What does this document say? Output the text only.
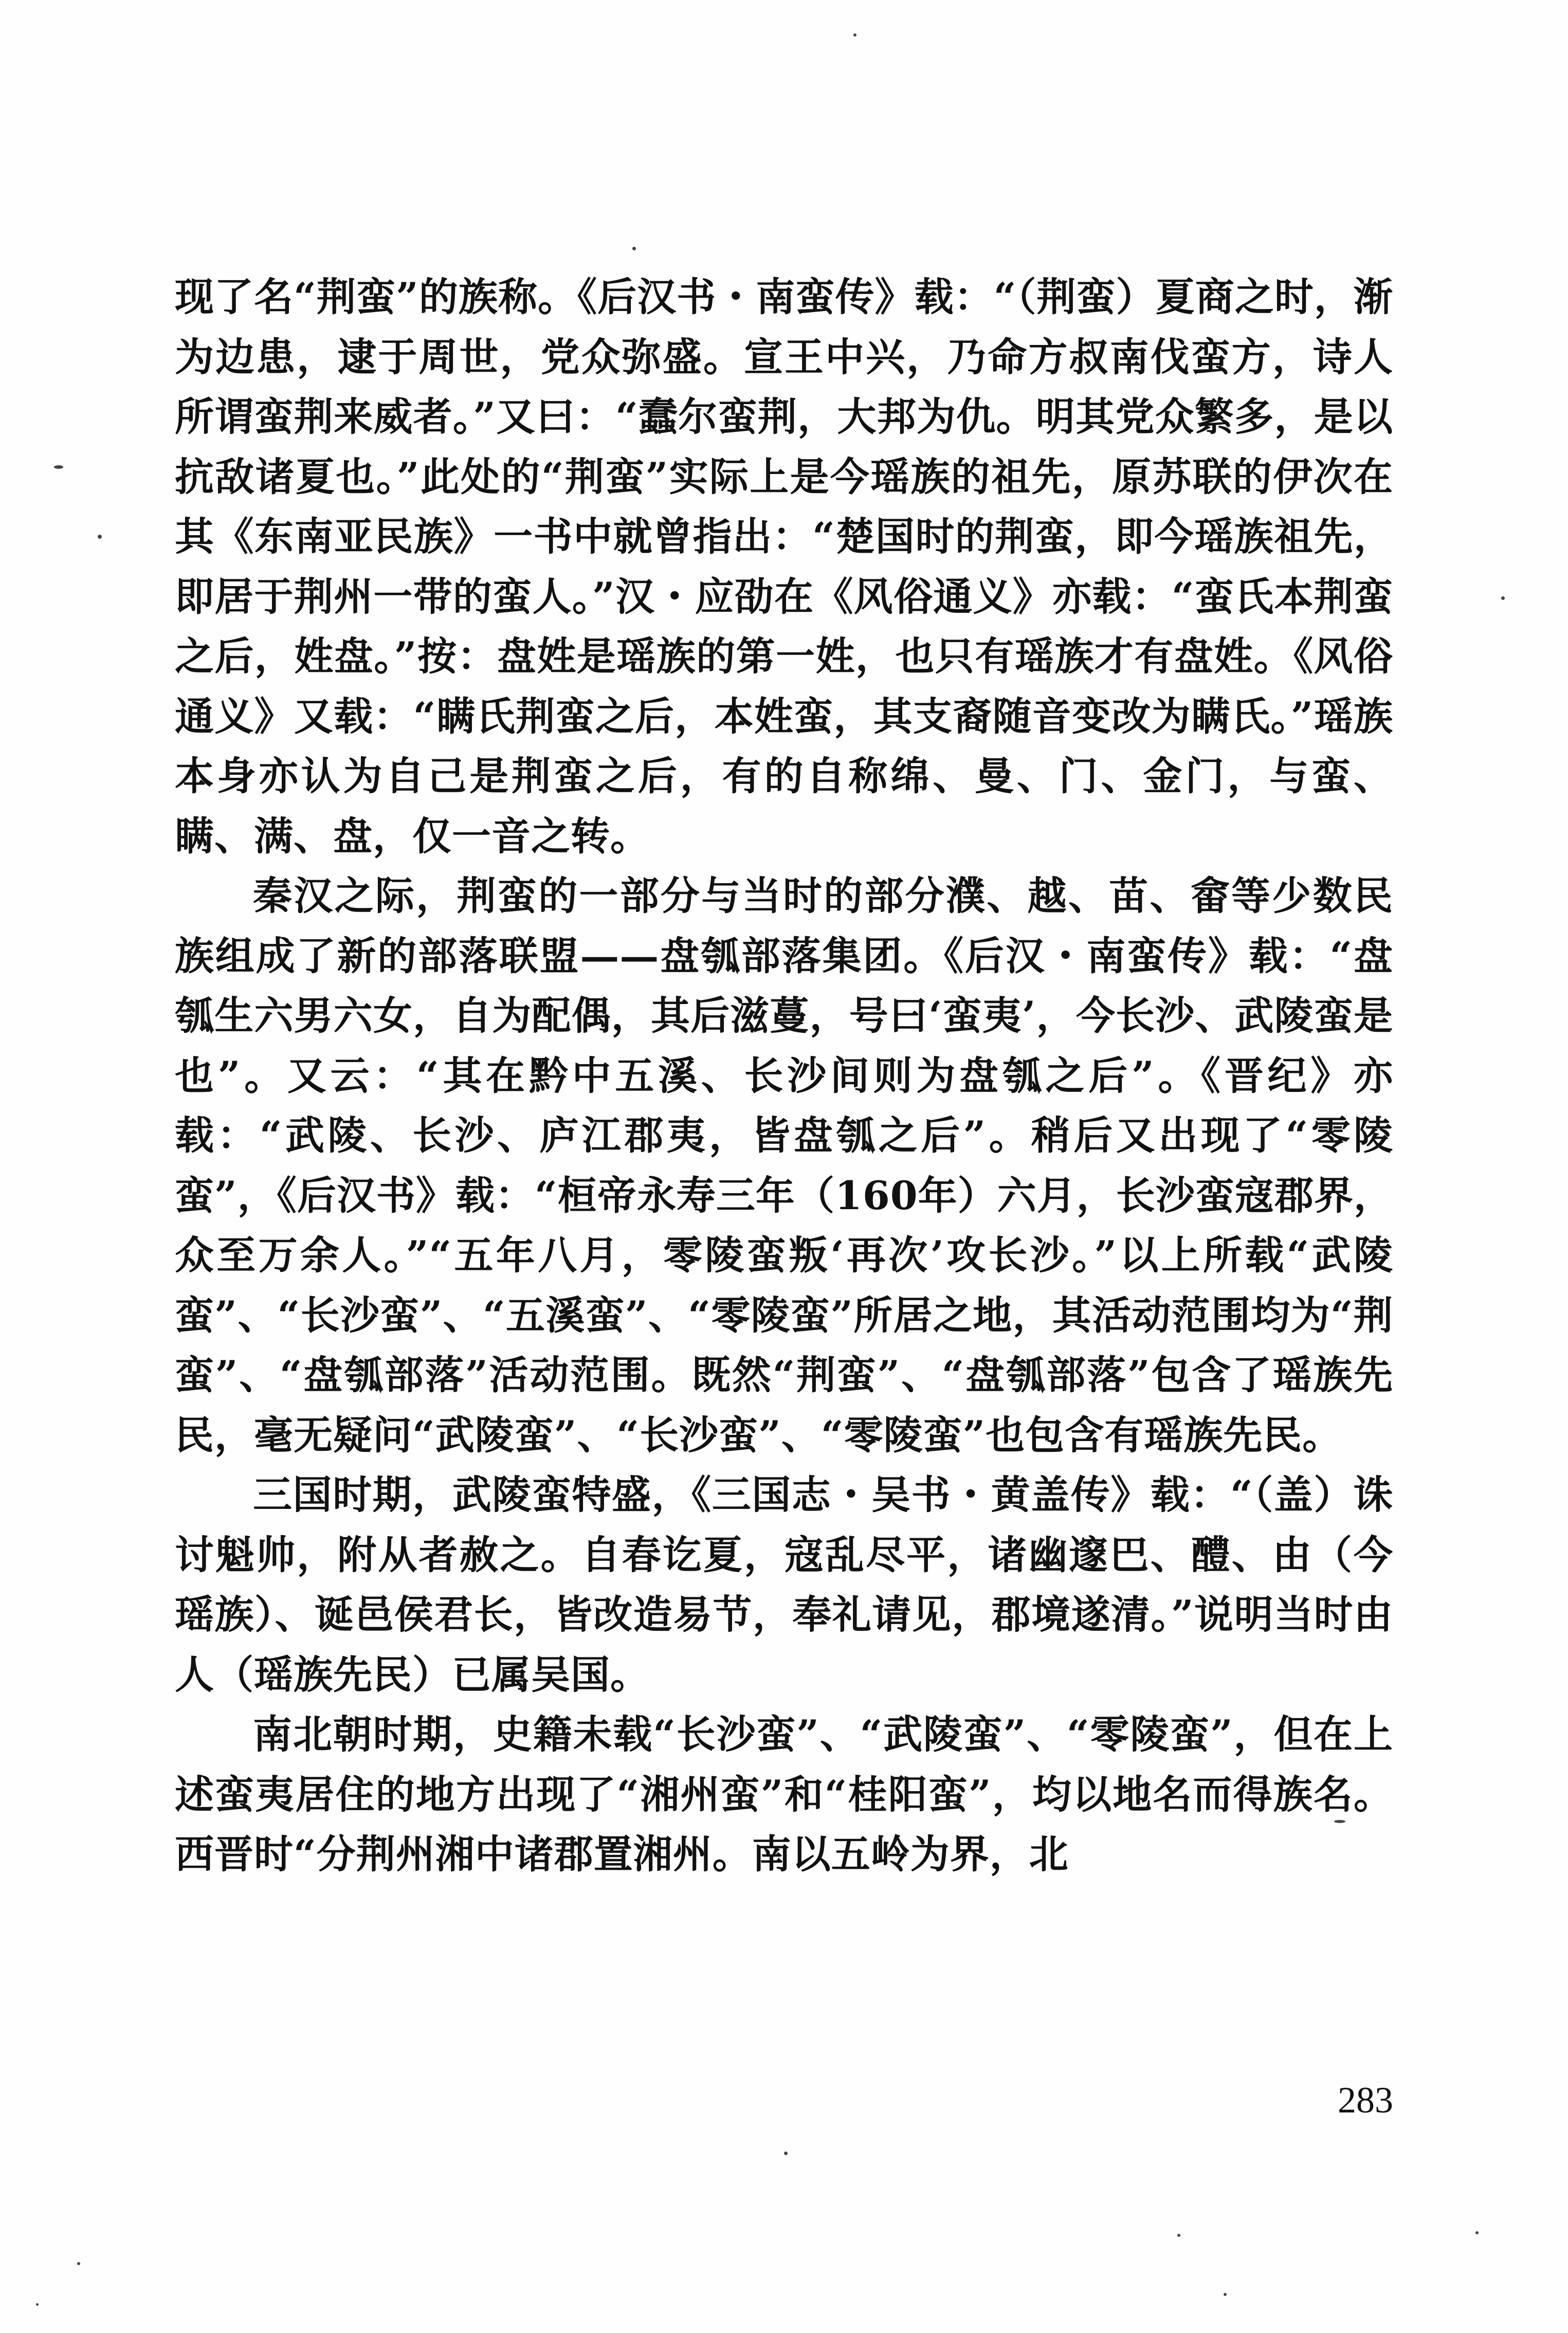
现了名“荆蛮”的族称。《后汉书・南蛮传》载：“（荆蛮）夏商之时，渐为边患，逮于周世，党众弥盛。宣王中兴，乃命方叔南伐蛮方，诗人所谓蛮荆来威者。”又曰：“蠢尔蛮荆，大邦为仇。明其党众繁多，是以抗敌诸夏也。”此处的“荆蛮”实际上是今瑶族的祖先，原苏联的伊次在其《东南亚民族》一书中就曾指出：“楚国时的荆蛮，即今瑶族祖先，即居于荆州一带的蛮人。”汉・应劭在《风俗通义》亦载：“蛮氏本荆蛮之后，姓盘。”按：盘姓是瑶族的第一姓，也只有瑶族才有盘姓。《风俗通义》又载：“瞒氏荆蛮之后，本姓蛮，其支裔随音变改为瞒氏。”瑶族本身亦认为自己是荆蛮之后，有的自称绵、曼、门、金门，与蛮、瞒、满、盘，仅一音之转。

秦汉之际，荆蛮的一部分与当时的部分濮、越、苗、畲等少数民族组成了新的部落联盟——盘瓠部落集团。《后汉・南蛮传》载：“盘瓠生六男六女，自为配偶，其后滋蔓，号曰‘蛮夷’，今长沙、武陵蛮是也”。又云：“其在黔中五溪、长沙间则为盘瓠之后”。《晋纪》亦载：“武陵、长沙、庐江郡夷，皆盘瓠之后”。稍后又出现了“零陵蛮”，《后汉书》载：“桓帝永寿三年（160年）六月，长沙蛮寇郡界，众至万余人。”“五年八月，零陵蛮叛‘再次’攻长沙。”以上所载“武陵蛮”、“长沙蛮”、“五溪蛮”、“零陵蛮”所居之地，其活动范围均为“荆蛮”、“盘瓠部落”活动范围。既然“荆蛮”、“盘瓠部落”包含了瑶族先民，毫无疑问“武陵蛮”、“长沙蛮”、“零陵蛮”也包含有瑶族先民。

三国时期，武陵蛮特盛，《三国志・吴书・黄盖传》载：“（盖）诛讨魁帅，附从者赦之。自春讫夏，寇乱尽平，诸幽邃巴、醴、由（今瑶族）、诞邑侯君长，皆改造易节，奉礼请见，郡境遂清。”说明当时由人（瑶族先民）已属吴国。

南北朝时期，史籍未载“长沙蛮”、“武陵蛮”、“零陵蛮”，但在上述蛮夷居住的地方出现了“湘州蛮”和“桂阳蛮”，均以地名而得族名。西晋时“分荆州湘中诸郡置湘州。南以五岭为界，北

283
